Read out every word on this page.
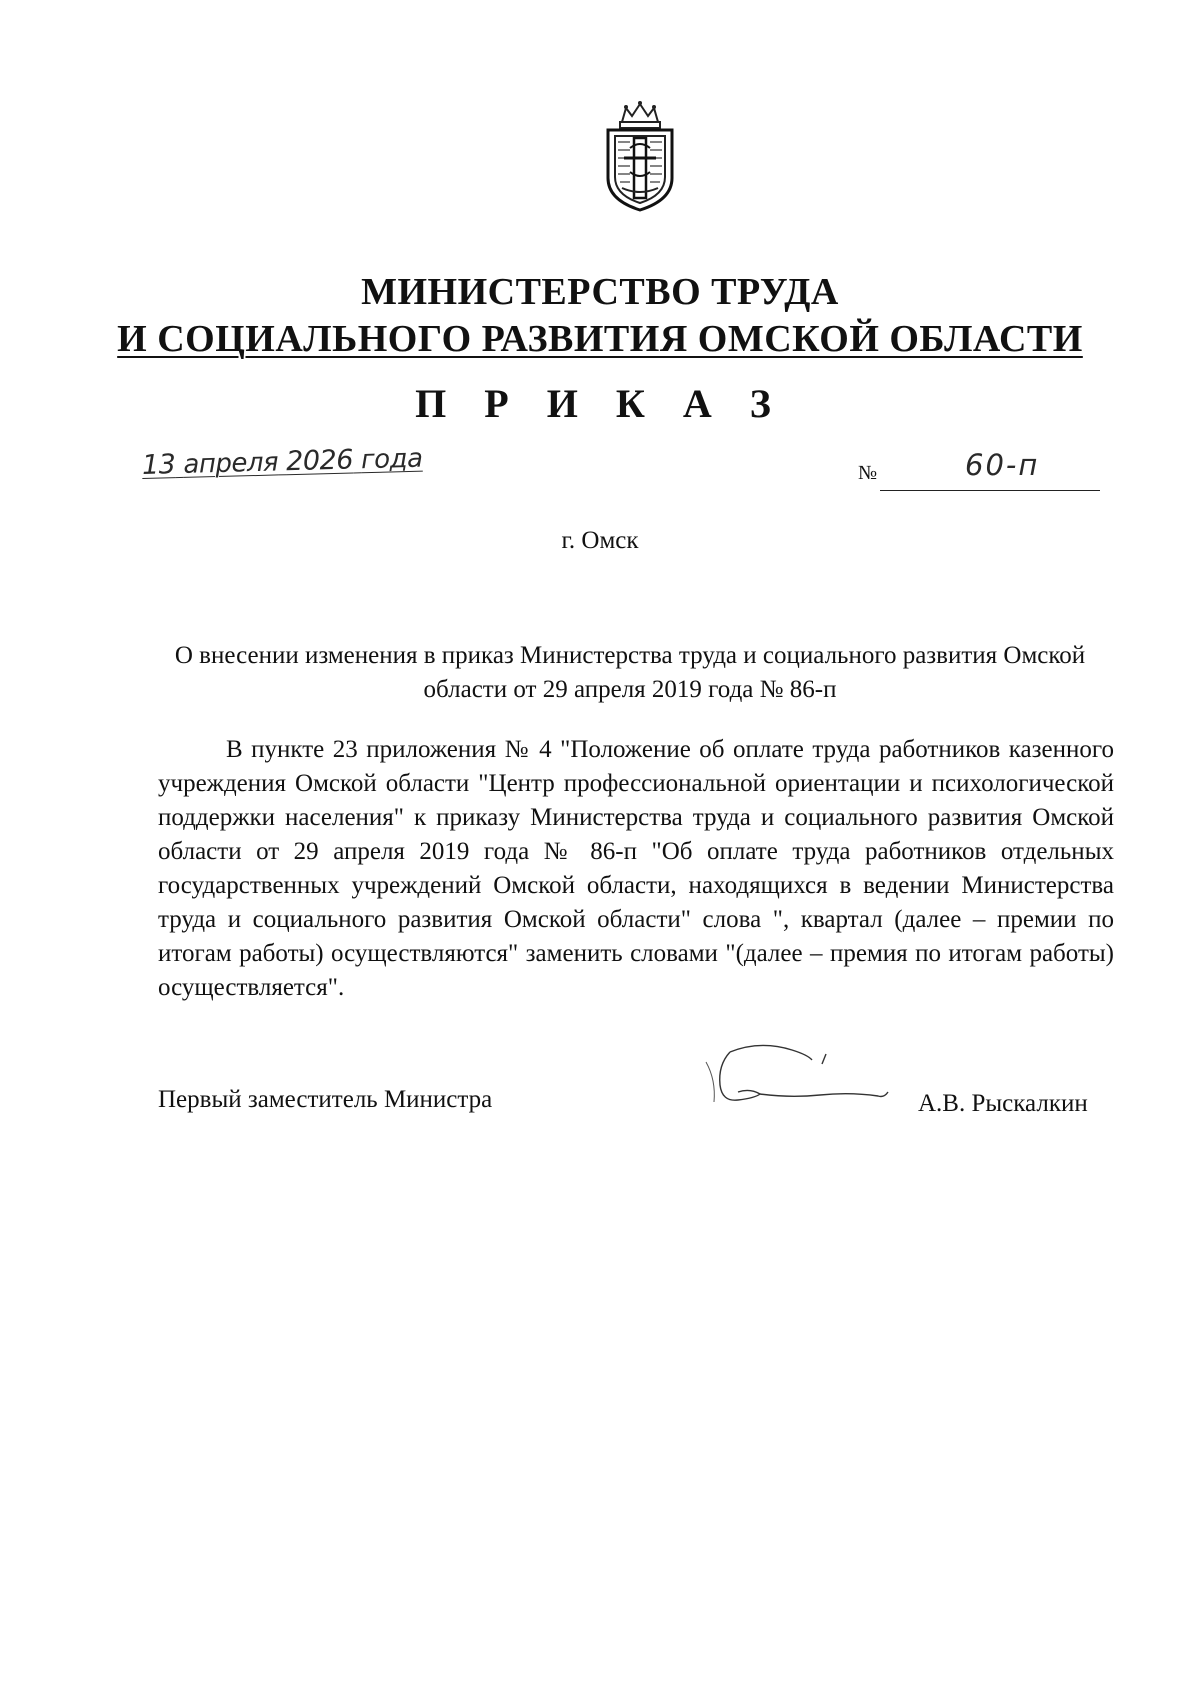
МИНИСТЕРСТВО ТРУДА
И СОЦИАЛЬНОГО РАЗВИТИЯ ОМСКОЙ ОБЛАСТИ
П Р И К А З
13 апреля 2026 года	№	60-п
г. Омск
О внесении изменения в приказ Министерства труда и социального развития Омской области от 29 апреля 2019 года № 86-п
В пункте 23 приложения № 4 "Положение об оплате труда работников казенного учреждения Омской области "Центр профессиональной ориентации и психологической поддержки населения" к приказу Министерства труда и социального развития Омской области от 29 апреля 2019 года № 86-п "Об оплате труда работников отдельных государственных учреждений Омской области, находящихся в ведении Министерства труда и социального развития Омской области" слова ", квартал (далее – премии по итогам работы) осуществляются" заменить словами "(далее – премия по итогам работы) осуществляется".
Первый заместитель Министра	А.В. Рыскалкин
